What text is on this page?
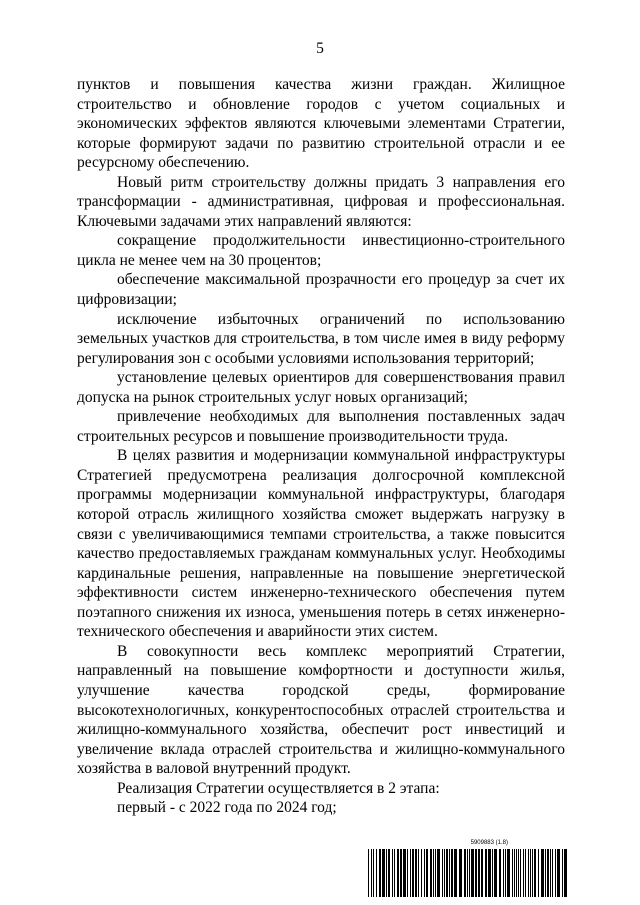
5

пунктов и повышения качества жизни граждан. Жилищное строительство и обновление городов с учетом социальных и экономических эффектов являются ключевыми элементами Стратегии, которые формируют задачи по развитию строительной отрасли и ее ресурсному обеспечению.

Новый ритм строительству должны придать 3 направления его трансформации - административная, цифровая и профессиональная. Ключевыми задачами этих направлений являются:

сокращение продолжительности инвестиционно-строительного цикла не менее чем на 30 процентов;

обеспечение максимальной прозрачности его процедур за счет их цифровизации;

исключение избыточных ограничений по использованию земельных участков для строительства, в том числе имея в виду реформу регулирования зон с особыми условиями использования территорий;

установление целевых ориентиров для совершенствования правил допуска на рынок строительных услуг новых организаций;

привлечение необходимых для выполнения поставленных задач строительных ресурсов и повышение производительности труда.

В целях развития и модернизации коммунальной инфраструктуры Стратегией предусмотрена реализация долгосрочной комплексной программы модернизации коммунальной инфраструктуры, благодаря которой отрасль жилищного хозяйства сможет выдержать нагрузку в связи с увеличивающимися темпами строительства, а также повысится качество предоставляемых гражданам коммунальных услуг. Необходимы кардинальные решения, направленные на повышение энергетической эффективности систем инженерно-технического обеспечения путем поэтапного снижения их износа, уменьшения потерь в сетях инженерно-технического обеспечения и аварийности этих систем.

В совокупности весь комплекс мероприятий Стратегии, направленный на повышение комфортности и доступности жилья, улучшение качества городской среды, формирование высокотехнологичных, конкурентоспособных отраслей строительства и жилищно-коммунального хозяйства, обеспечит рост инвестиций и увеличение вклада отраслей строительства и жилищно-коммунального хозяйства в валовой внутренний продукт.

Реализация Стратегии осуществляется в 2 этапа:

первый - с 2022 года по 2024 год;

5909883 (1.8)
